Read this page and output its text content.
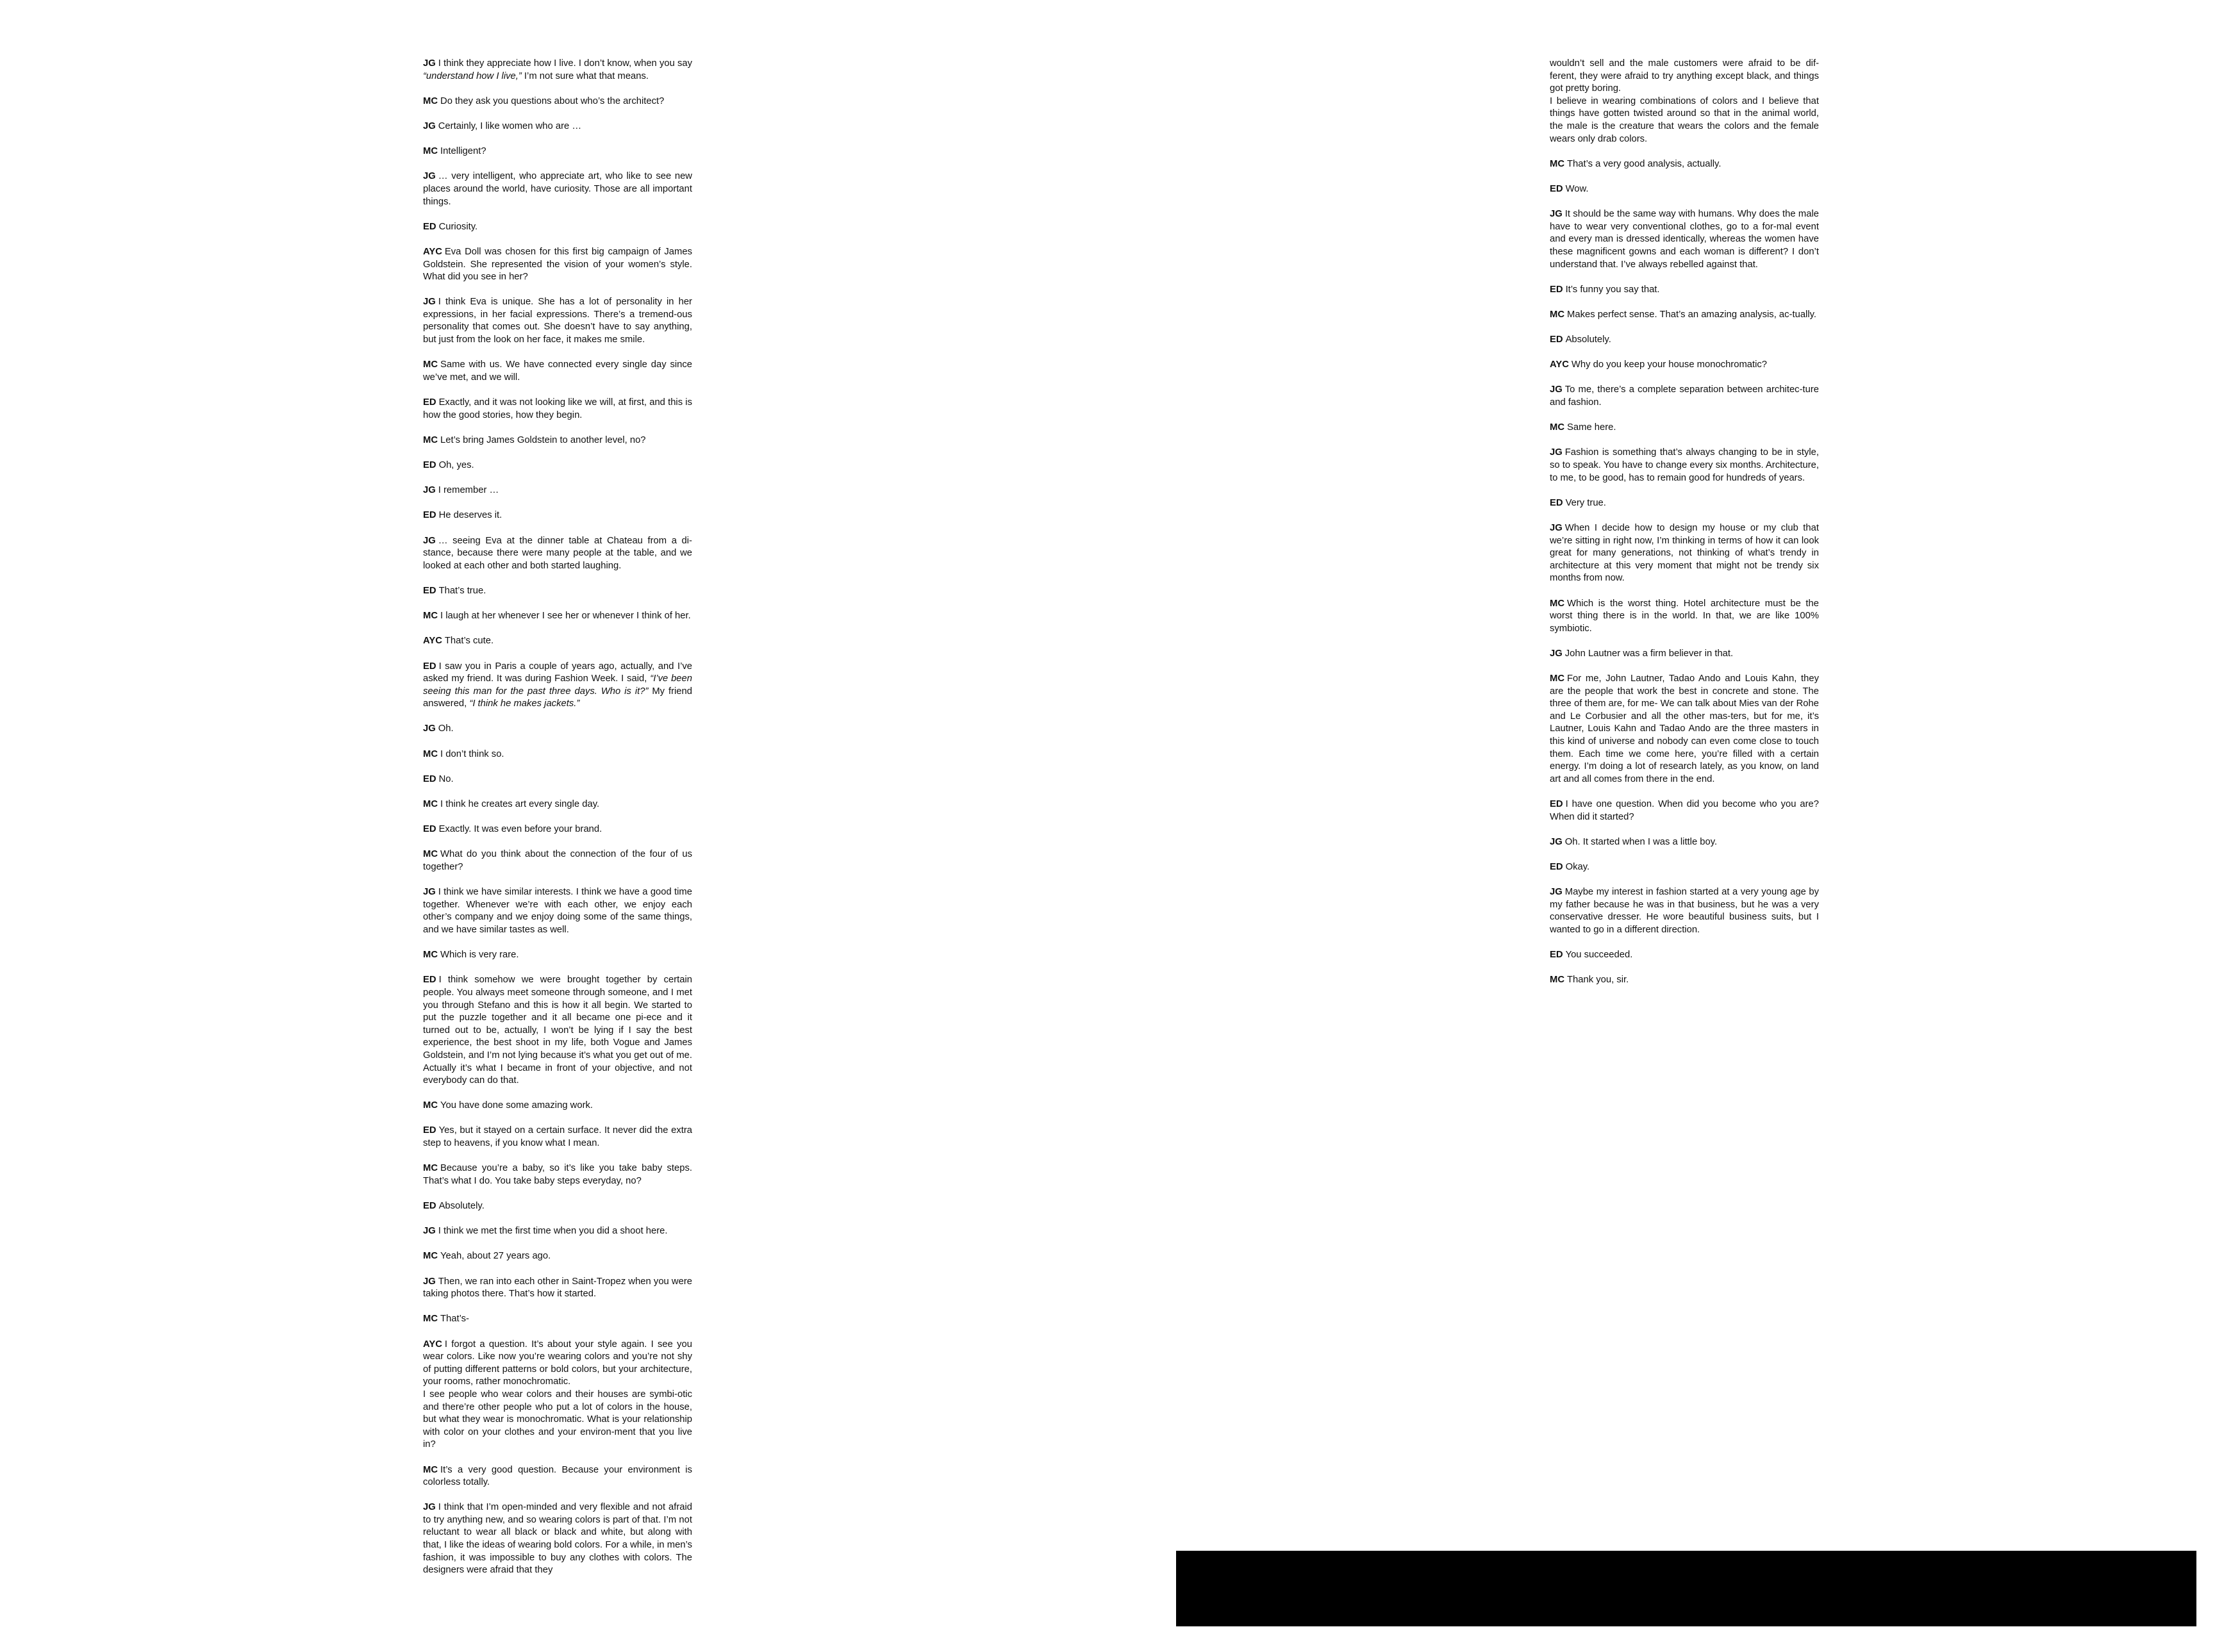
JG I think they appreciate how I live. I don’t know, when you say “understand how I live,” I’m not sure what that means.

MC Do they ask you questions about who’s the architect?

JG Certainly, I like women who are …

MC Intelligent?

JG … very intelligent, who appreciate art, who like to see new places around the world, have curiosity. Those are all important things.

ED Curiosity.

AYC Eva Doll was chosen for this first big campaign of James Goldstein. She represented the vision of your women’s style. What did you see in her?

JG I think Eva is unique. She has a lot of personality in her expressions, in her facial expressions. There’s a tremend-ous personality that comes out. She doesn’t have to say anything, but just from the look on her face, it makes me smile.

MC Same with us. We have connected every single day since we’ve met, and we will.

ED Exactly, and it was not looking like we will, at first, and this is how the good stories, how they begin.

MC Let’s bring James Goldstein to another level, no?

ED Oh, yes.

JG I remember …

ED He deserves it.

JG … seeing Eva at the dinner table at Chateau from a di-stance, because there were many people at the table, and we looked at each other and both started laughing.

ED That’s true.

MC I laugh at her whenever I see her or whenever I think of her.

AYC That’s cute.

ED I saw you in Paris a couple of years ago, actually, and I’ve asked my friend. It was during Fashion Week. I said, “I’ve been seeing this man for the past three days. Who is it?” My friend answered, “I think he makes jackets.”

JG Oh.

MC I don’t think so.

ED No.

MC I think he creates art every single day.

ED Exactly. It was even before your brand.

MC What do you think about the connection of the four of us together?

JG I think we have similar interests. I think we have a good time together. Whenever we’re with each other, we enjoy each other’s company and we enjoy doing some of the same things, and we have similar tastes as well.

MC Which is very rare.

ED I think somehow we were brought together by certain people. You always meet someone through someone, and I met you through Stefano and this is how it all begin. We started to put the puzzle together and it all became one pi-ece and it turned out to be, actually, I won’t be lying if I say the best experience, the best shoot in my life, both Vogue and James Goldstein, and I’m not lying because it’s what you get out of me. Actually it’s what I became in front of your objective, and not everybody can do that.

MC You have done some amazing work.

ED Yes, but it stayed on a certain surface. It never did the extra step to heavens, if you know what I mean.

MC Because you’re a baby, so it’s like you take baby steps. That’s what I do. You take baby steps everyday, no?

ED Absolutely.

JG I think we met the first time when you did a shoot here.

MC Yeah, about 27 years ago.

JG Then, we ran into each other in Saint-Tropez when you were taking photos there. That’s how it started.

MC That’s-

AYC I forgot a question. It’s about your style again. I see you wear colors. Like now you’re wearing colors and you’re not shy of putting different patterns or bold colors, but your architecture, your rooms, rather monochromatic.

I see people who wear colors and their houses are symbi-otic and there’re other people who put a lot of colors in the house, but what they wear is monochromatic. What is your relationship with color on your clothes and your environ-ment that you live in?

MC It’s a very good question. Because your environment is colorless totally.

JG I think that I’m open-minded and very flexible and not afraid to try anything new, and so wearing colors is part of that. I’m not reluctant to wear all black or black and white, but along with that, I like the ideas of wearing bold colors. For a while, in men’s fashion, it was impossible to buy any clothes with colors. The designers were afraid that they

wouldn’t sell and the male customers were afraid to be dif-ferent, they were afraid to try anything except black, and things got pretty boring.

I believe in wearing combinations of colors and I believe that things have gotten twisted around so that in the animal world, the male is the creature that wears the colors and the female wears only drab colors.

MC That’s a very good analysis, actually.

ED Wow.

JG It should be the same way with humans. Why does the male have to wear very conventional clothes, go to a for-mal event and every man is dressed identically, whereas the women have these magnificent gowns and each woman is different? I don’t understand that. I’ve always rebelled against that.

ED It’s funny you say that.

MC Makes perfect sense. That’s an amazing analysis, ac-tually.

ED Absolutely.

AYC Why do you keep your house monochromatic?

JG To me, there’s a complete separation between architec-ture and fashion.

MC Same here.

JG Fashion is something that’s always changing to be in style, so to speak. You have to change every six months. Architecture, to me, to be good, has to remain good for hundreds of years.

ED Very true.

JG When I decide how to design my house or my club that we’re sitting in right now, I’m thinking in terms of how it can look great for many generations, not thinking of what’s trendy in architecture at this very moment that might not be trendy six months from now.

MC Which is the worst thing. Hotel architecture must be the worst thing there is in the world. In that, we are like 100% symbiotic.

JG John Lautner was a firm believer in that.

MC For me, John Lautner, Tadao Ando and Louis Kahn, they are the people that work the best in concrete and stone. The three of them are, for me- We can talk about Mies van der Rohe and Le Corbusier and all the other mas-ters, but for me, it’s Lautner, Louis Kahn and Tadao Ando are the three masters in this kind of universe and nobody can even come close to touch them. Each time we come here, you’re filled with a certain energy. I’m doing a lot of research lately, as you know, on land art and all comes from there in the end.

ED I have one question. When did you become who you are? When did it started?

JG Oh. It started when I was a little boy.

ED Okay.

JG Maybe my interest in fashion started at a very young age by my father because he was in that business, but he was a very conservative dresser. He wore beautiful business suits, but I wanted to go in a different direction.

ED You succeeded.

MC Thank you, sir.
